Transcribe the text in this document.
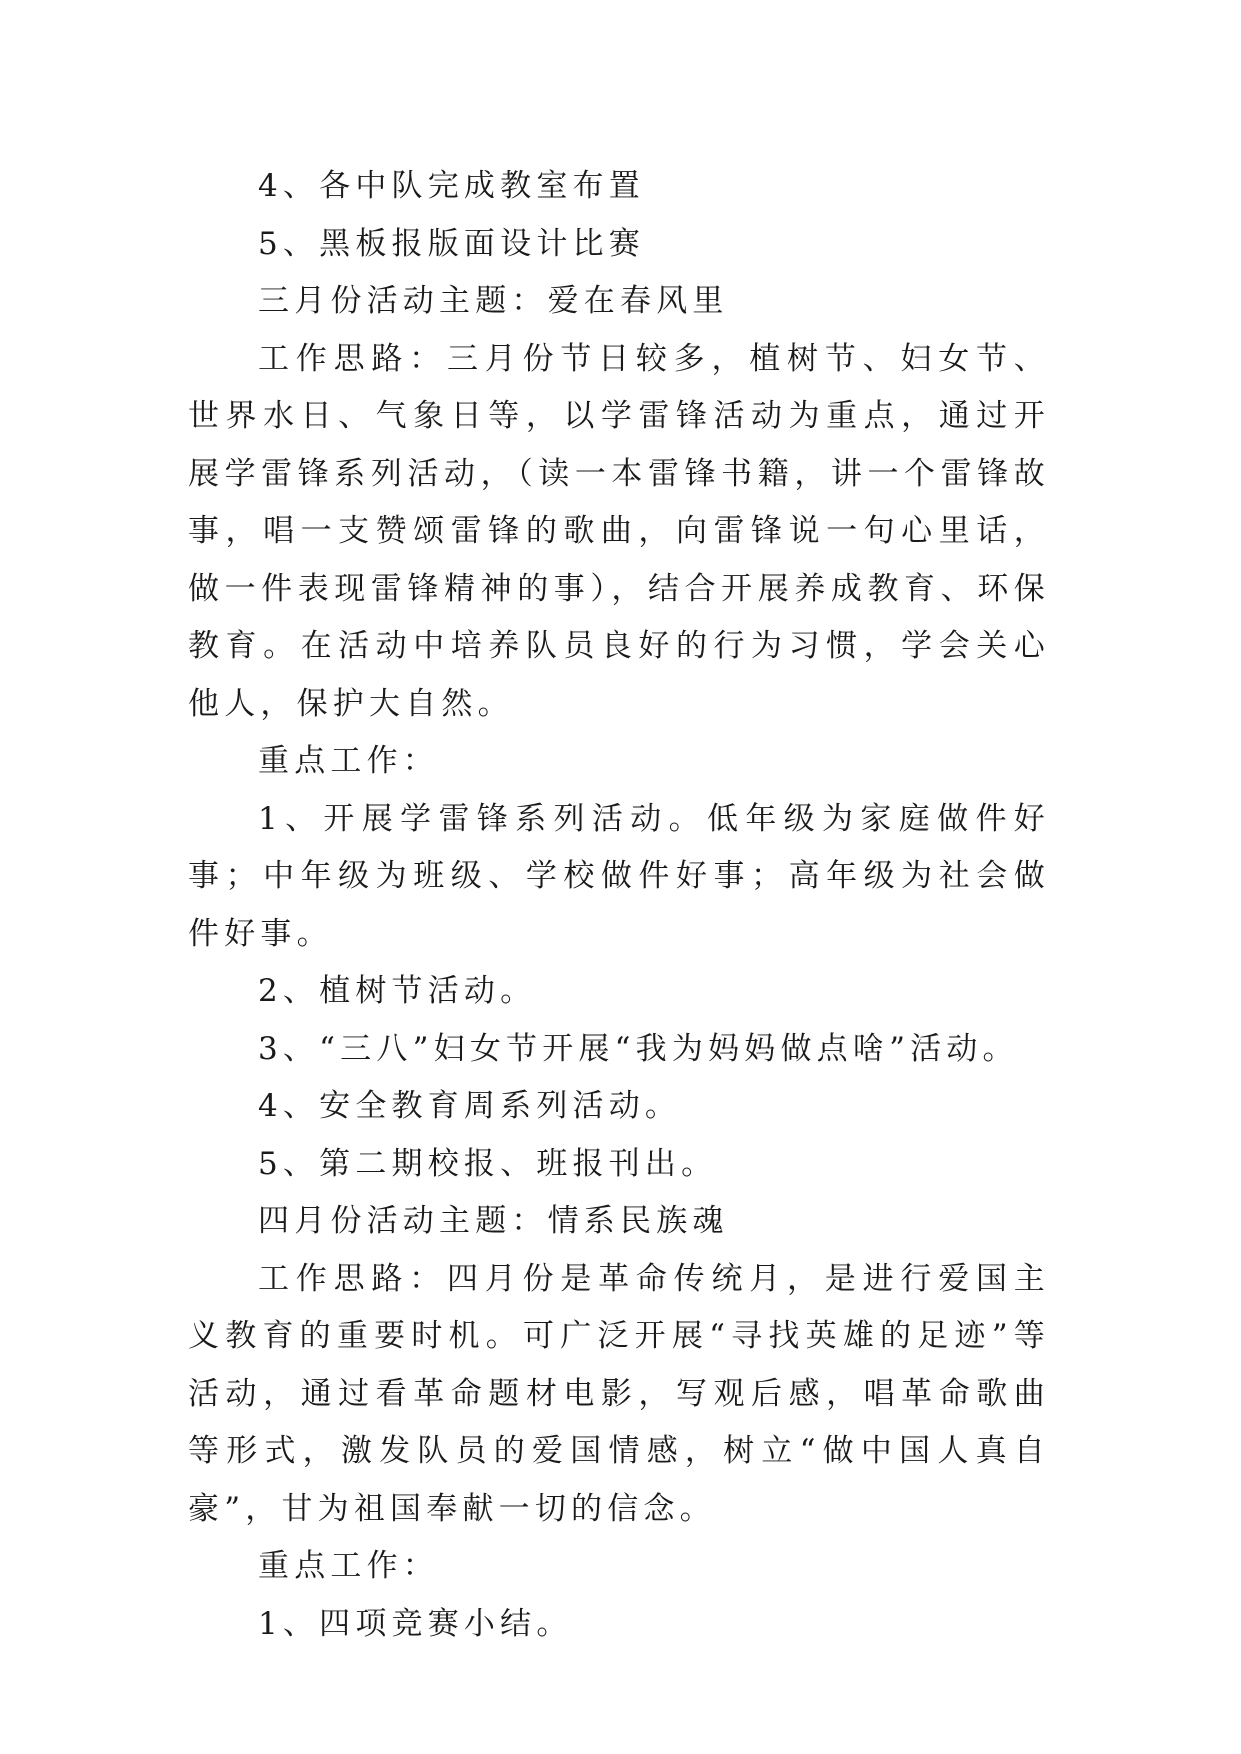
4、各中队完成教室布置

5、黑板报版面设计比赛

三月份活动主题：爱在春风里

工作思路：三月份节日较多，植树节、妇女节、世界水日、气象日等，以学雷锋活动为重点，通过开展学雷锋系列活动，（读一本雷锋书籍，讲一个雷锋故事，唱一支赞颂雷锋的歌曲，向雷锋说一句心里话，做一件表现雷锋精神的事），结合开展养成教育、环保教育。在活动中培养队员良好的行为习惯，学会关心他人，保护大自然。

重点工作：

1、开展学雷锋系列活动。低年级为家庭做件好事；中年级为班级、学校做件好事；高年级为社会做件好事。

2、植树节活动。

3、“三八”妇女节开展“我为妈妈做点啥”活动。

4、安全教育周系列活动。

5、第二期校报、班报刊出。

四月份活动主题：情系民族魂

工作思路：四月份是革命传统月，是进行爱国主义教育的重要时机。可广泛开展“寻找英雄的足迹”等活动，通过看革命题材电影，写观后感，唱革命歌曲等形式，激发队员的爱国情感，树立“做中国人真自豪”，甘为祖国奉献一切的信念。

重点工作：

1、四项竞赛小结。
